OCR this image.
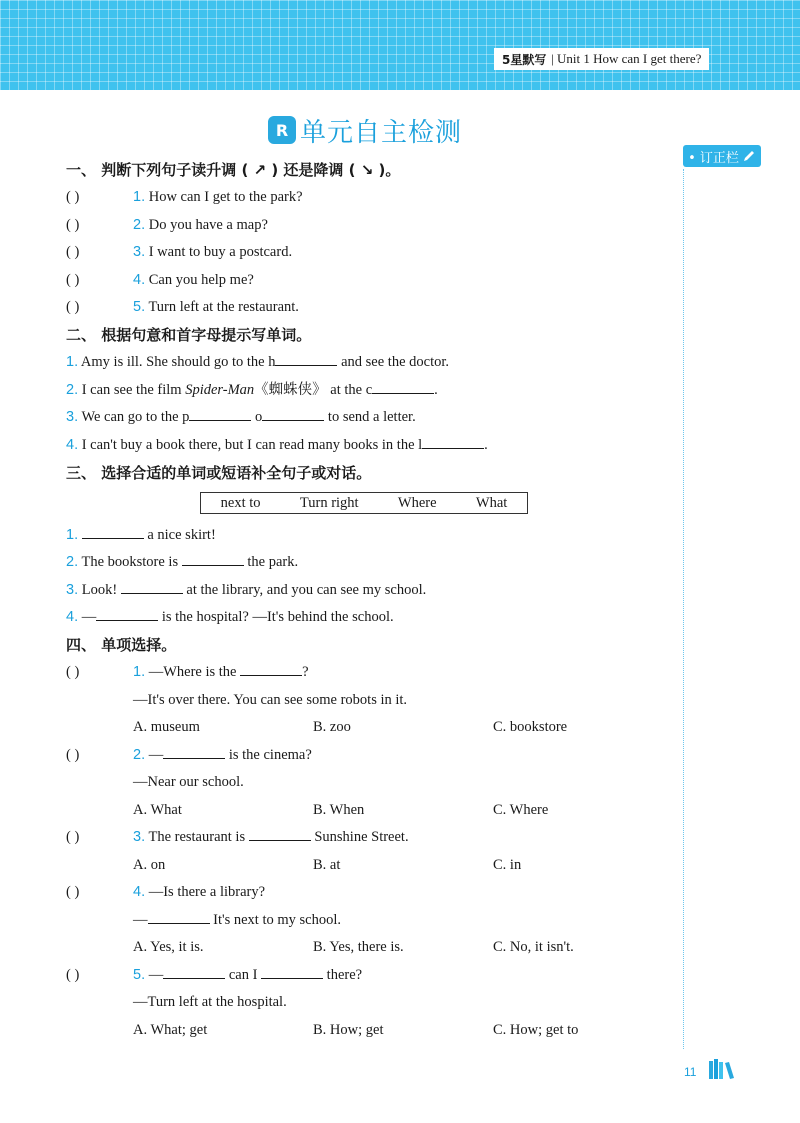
5星默写 | Unit 1 How can I get there?
R 单元自主检测
• 订正栏
一、 判断下列句子读升调 ( ↗ ) 还是降调 ( ↘ )。
( )	1. How can I get to the park?
( )	2. Do you have a map?
( )	3. I want to buy a postcard.
( )	4. Can you help me?
( )	5. Turn left at the restaurant.
二、 根据句意和首字母提示写单词。
1. Amy is ill. She should go to the h	and see the doctor.
2. I can see the film Spider-Man《蜘蛛侠》 at the c	.
3. We can go to the p	o	to send a letter.
4. I can't buy a book there, but I can read many books in the l	.
三、 选择合适的单词或短语补全句子或对话。
next to	Turn right	Where	What
1.	a nice skirt!
2. The bookstore is	the park.
3. Look!	at the library, and you can see my school.
4. —	is the hospital? —It's behind the school.
四、 单项选择。
( )	1. —Where is the	?
—It's over there. You can see some robots in it.
A. museum	B. zoo	C. bookstore
( )	2. —	is the cinema?
—Near our school.
A. What	B. When	C. Where
( )	3. The restaurant is	Sunshine Street.
A. on	B. at	C. in
( )	4. —Is there a library?
—	It's next to my school.
A. Yes, it is.	B. Yes, there is.	C. No, it isn't.
( )	5. —	can I	there?
—Turn left at the hospital.
A. What; get	B. How; get	C. How; get to
11
